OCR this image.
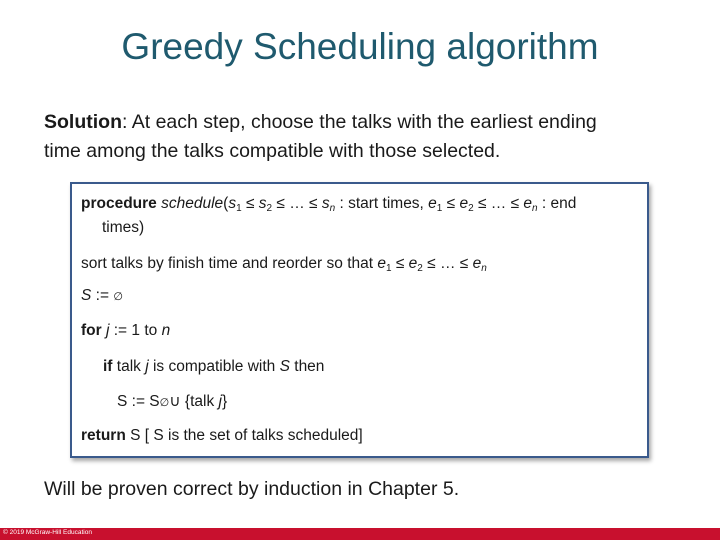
Greedy Scheduling algorithm
Solution: At each step, choose the talks with the earliest ending
time among the talks compatible with those selected.
procedure $schedule(s_1 \le s_2$ ≤ … ≤ $s_n$ : start times, $e_1 \le e_2$ ≤ … ≤ $e_n$ : end
times)
sort talks by finish time and reorder so that $e_1 \le e_2$ ≤ … ≤ $e_n$
S := ∅
for j := 1 to n
if talk j is compatible with S then
S := S∅∪ {talk j}
return S [ S is the set of talks scheduled]
Will be proven correct by induction in Chapter 5.
© 2019 McGraw-Hill Education
